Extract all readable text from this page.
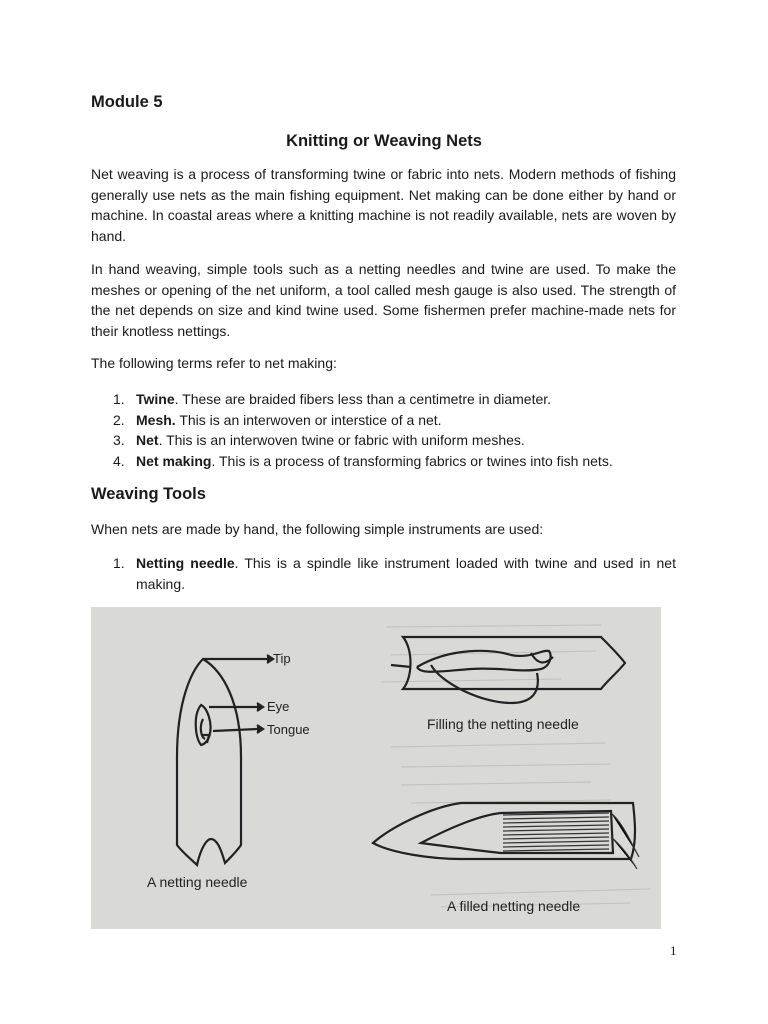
Module 5
Knitting or Weaving Nets

Net weaving is a process of transforming twine or fabric into nets. Modern methods of fishing generally use nets as the main fishing equipment. Net making can be done either by hand or machine. In coastal areas where a knitting machine is not readily available, nets are woven by hand.

In hand weaving, simple tools such as a netting needles and twine are used. To make the meshes or opening of the net uniform, a tool called mesh gauge is also used. The strength of the net depends on size and kind twine used. Some fishermen prefer machine-made nets for their knotless nettings.

The following terms refer to net making:

1. Twine. These are braided fibers less than a centimetre in diameter.
2. Mesh. This is an interwoven or interstice of a net.
3. Net. This is an interwoven twine or fabric with uniform meshes.
4. Net making. This is a process of transforming fabrics or twines into fish nets.
Weaving Tools

When nets are made by hand, the following simple instruments are used:

1. Netting needle. This is a spindle like instrument loaded with twine and used in net making.
Tip
Eye
Tongue
A netting needle
Filling the netting needle
A filled netting needle
1
